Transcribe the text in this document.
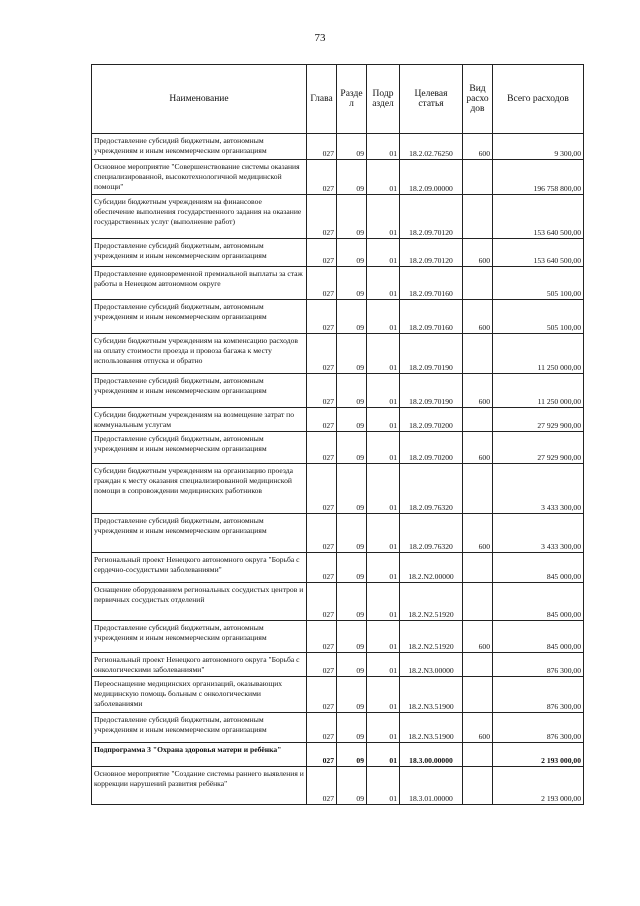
73
Наименование	Глава	Разде л	Подр аздел	Целевая статья	Вид расхо дов	Всего расходов
Предоставление субсидий бюджетным, автономным учреждениям и иным некоммерческим организациям	027	09	01	18.2.02.76250	600	9 300,00
Основное мероприятие "Совершенствование системы оказания специализированной, высокотехнологичной медицинской помощи"	027	09	01	18.2.09.00000		196 758 800,00
Субсидии бюджетным учреждениям на финансовое обеспечение выполнения государственного задания на оказание государственных услуг (выполнение работ)	027	09	01	18.2.09.70120		153 640 500,00
Предоставление субсидий бюджетным, автономным учреждениям и иным некоммерческим организациям	027	09	01	18.2.09.70120	600	153 640 500,00
Предоставление единовременной премиальной выплаты за стаж работы в Ненецком автономном округе	027	09	01	18.2.09.70160		505 100,00
Предоставление субсидий бюджетным, автономным учреждениям и иным некоммерческим организациям	027	09	01	18.2.09.70160	600	505 100,00
Субсидии бюджетным учреждениям на компенсацию расходов на оплату стоимости проезда и провоза багажа к месту использования отпуска и обратно	027	09	01	18.2.09.70190		11 250 000,00
Предоставление субсидий бюджетным, автономным учреждениям и иным некоммерческим организациям	027	09	01	18.2.09.70190	600	11 250 000,00
Субсидии бюджетным учреждениям на возмещение затрат по коммунальным услугам	027	09	01	18.2.09.70200		27 929 900,00
Предоставление субсидий бюджетным, автономным учреждениям и иным некоммерческим организациям	027	09	01	18.2.09.70200	600	27 929 900,00
Субсидии бюджетным учреждениям на организацию проезда граждан к месту оказания специализированной медицинской помощи в сопровождении медицинских работников	027	09	01	18.2.09.76320		3 433 300,00
Предоставление субсидий бюджетным, автономным учреждениям и иным некоммерческим организациям	027	09	01	18.2.09.76320	600	3 433 300,00
Региональный проект Ненецкого автономного округа "Борьба с сердечно-сосудистыми заболеваниями"	027	09	01	18.2.N2.00000		845 000,00
Оснащение оборудованием региональных сосудистых центров и первичных сосудистых отделений	027	09	01	18.2.N2.51920		845 000,00
Предоставление субсидий бюджетным, автономным учреждениям и иным некоммерческим организациям	027	09	01	18.2.N2.51920	600	845 000,00
Региональный проект Ненецкого автономного округа "Борьба с онкологическими заболеваниями"	027	09	01	18.2.N3.00000		876 300,00
Переоснащение медицинских организаций, оказывающих медицинскую помощь больным с онкологическими заболеваниями	027	09	01	18.2.N3.51900		876 300,00
Предоставление субсидий бюджетным, автономным учреждениям и иным некоммерческим организациям	027	09	01	18.2.N3.51900	600	876 300,00
Подпрограмма 3 "Охрана здоровья матери и ребёнка"	027	09	01	18.3.00.00000		2 193 000,00
Основное мероприятие "Создание системы раннего выявления и коррекции нарушений развития ребёнка"	027	09	01	18.3.01.00000		2 193 000,00
